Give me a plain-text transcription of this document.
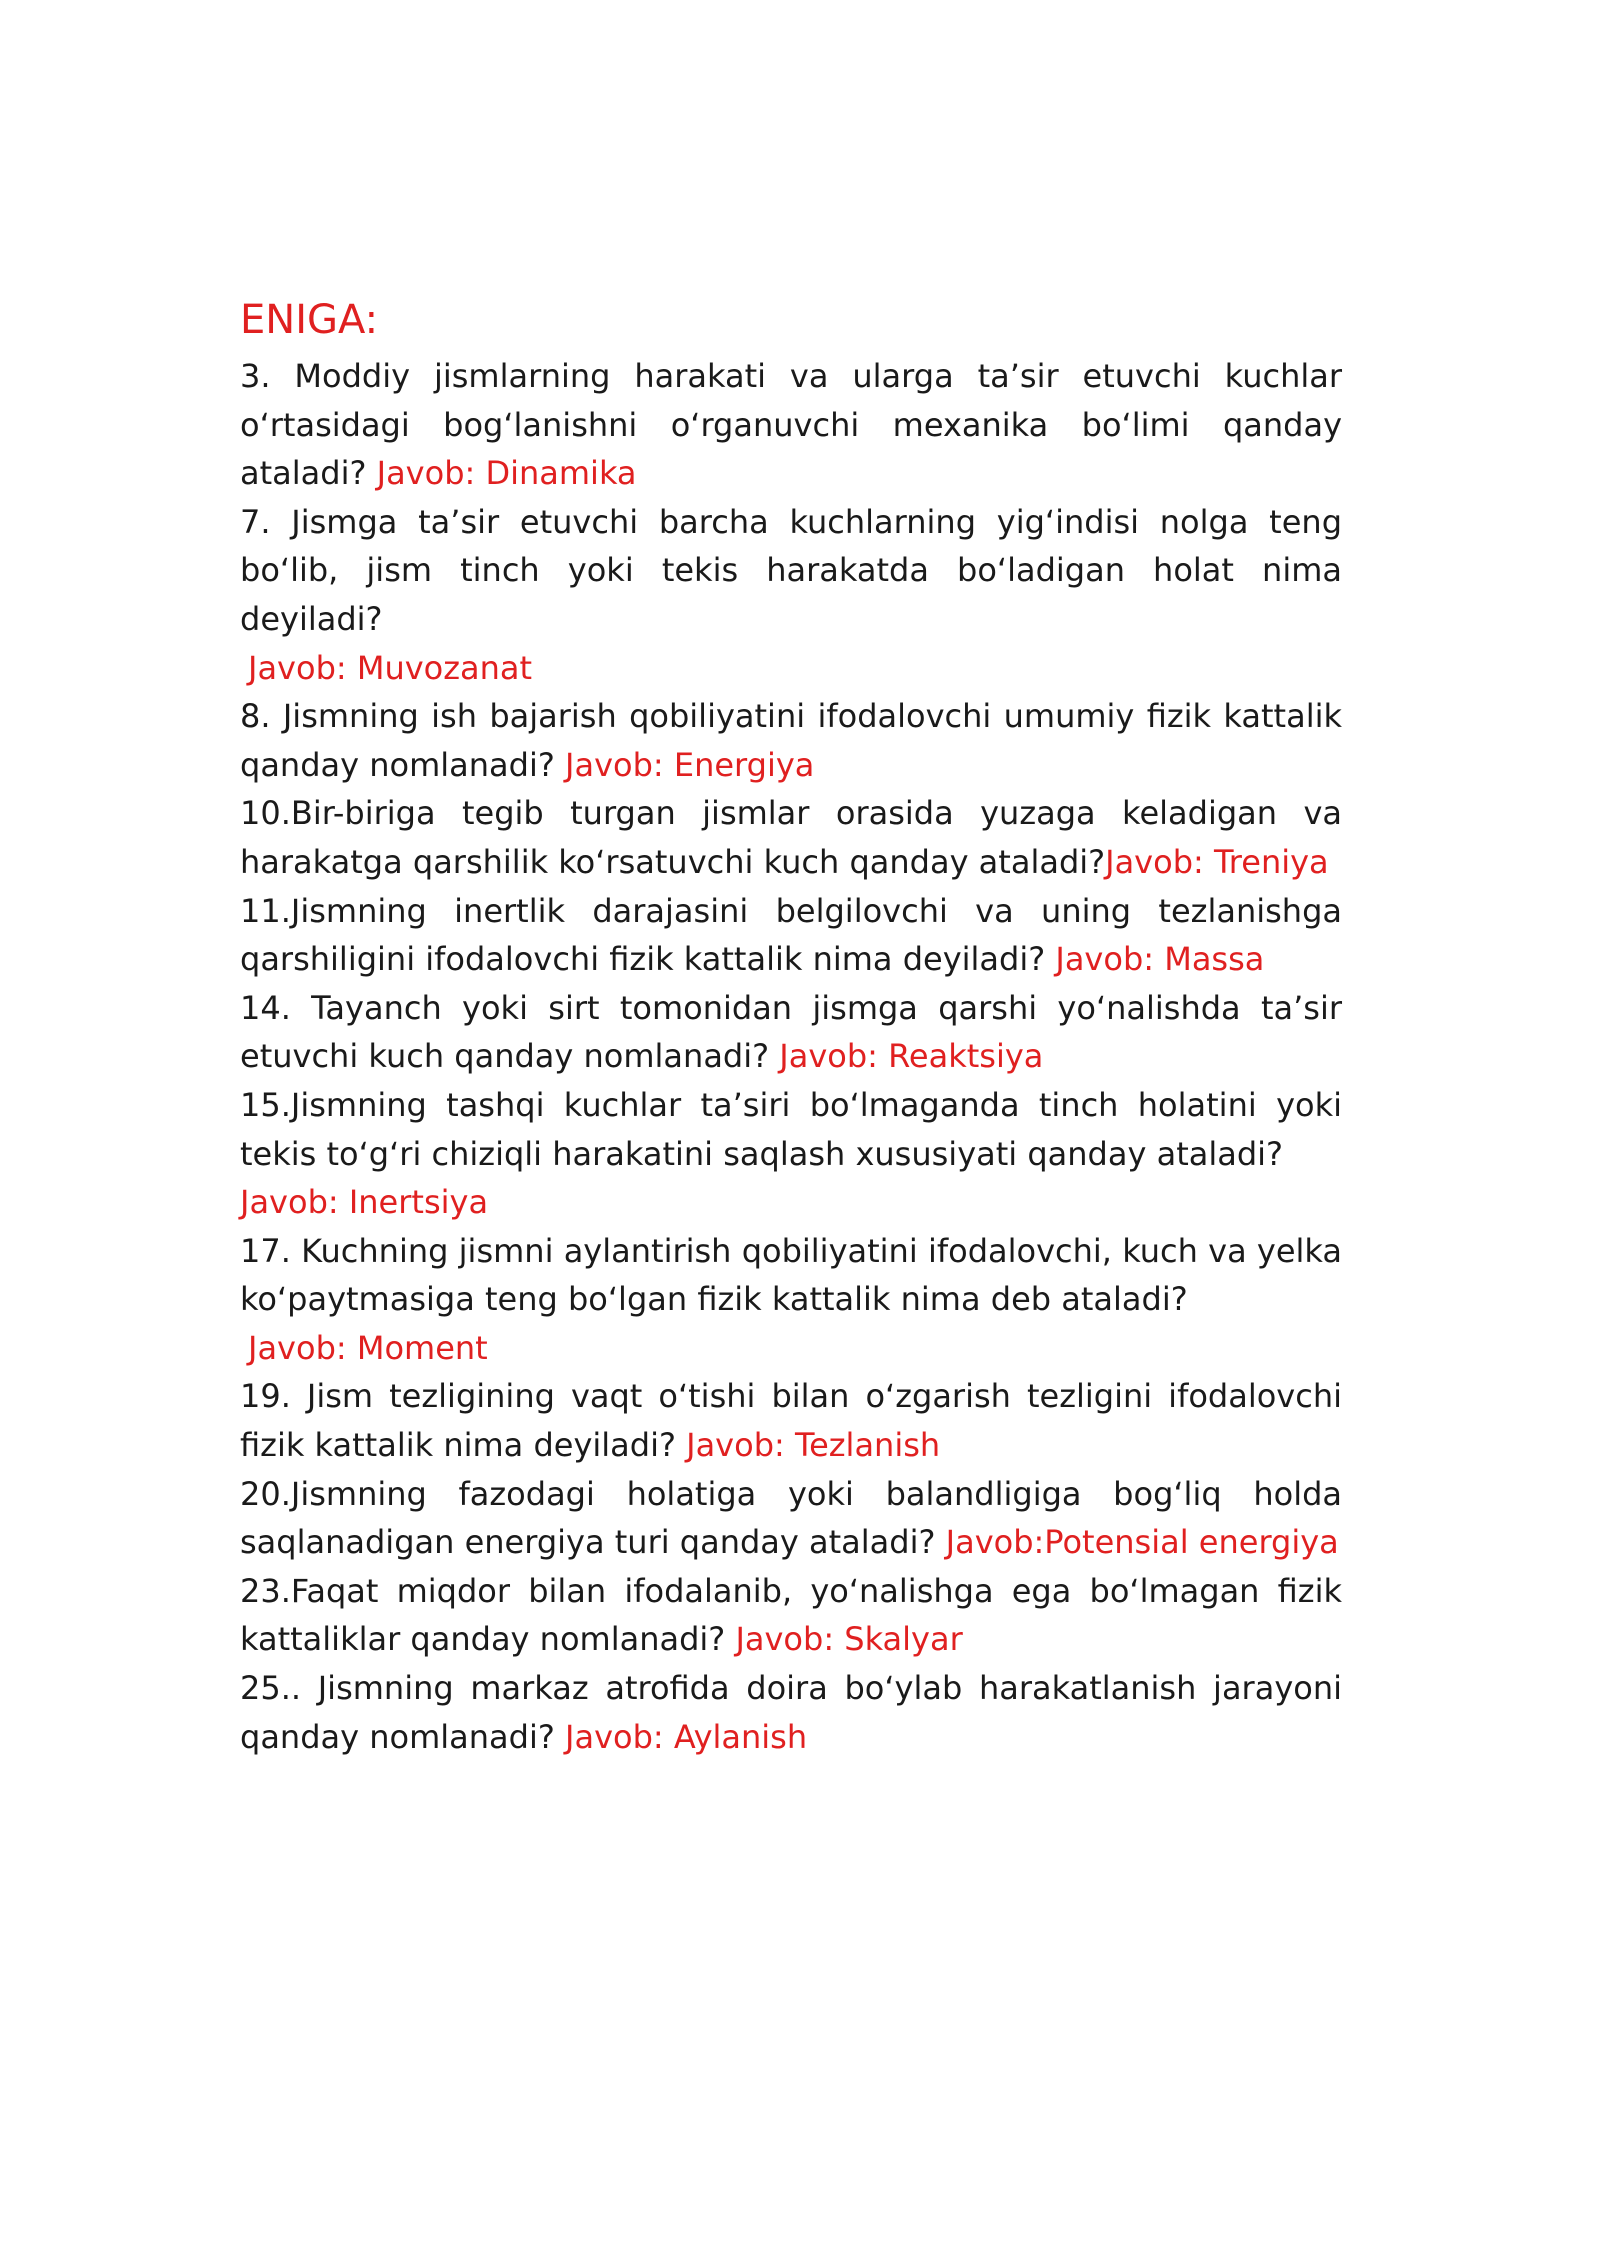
ENIGA:

3. Moddiy jismlarning harakati va ularga ta’sir etuvchi kuchlar o‘rtasidagi bog‘lanishni o‘rganuvchi mexanika bo‘limi qanday ataladi? Javob: Dinamika

7. Jismga ta’sir etuvchi barcha kuchlarning yig‘indisi nolga teng bo‘lib, jism tinch yoki tekis harakatda bo‘ladigan holat nima deyiladi?
Javob: Muvozanat

8. Jismning ish bajarish qobiliyatini ifodalovchi umumiy fizik kattalik qanday nomlanadi? Javob: Energiya

10.Bir-biriga tegib turgan jismlar orasida yuzaga keladigan va harakatga qarshilik ko‘rsatuvchi kuch qanday ataladi?Javob: Treniya

11.Jismning inertlik darajasini belgilovchi va uning tezlanishga qarshiligini ifodalovchi fizik kattalik nima deyiladi? Javob: Massa

14. Tayanch yoki sirt tomonidan jismga qarshi yo‘nalishda ta’sir etuvchi kuch qanday nomlanadi? Javob: Reaktsiya

15.Jismning tashqi kuchlar ta’siri bo‘lmaganda tinch holatini yoki tekis to‘g‘ri chiziqli harakatini saqlash xususiyati qanday ataladi?
Javob: Inertsiya

17. Kuchning jismni aylantirish qobiliyatini ifodalovchi, kuch va yelka ko‘paytmasiga teng bo‘lgan fizik kattalik nima deb ataladi?
Javob: Moment

19. Jism tezligining vaqt o‘tishi bilan o‘zgarish tezligini ifodalovchi fizik kattalik nima deyiladi? Javob: Tezlanish

20.Jismning fazodagi holatiga yoki balandligiga bog‘liq holda saqlanadigan energiya turi qanday ataladi? Javob:Potensial energiya

23.Faqat miqdor bilan ifodalanib, yo‘nalishga ega bo‘lmagan fizik kattaliklar qanday nomlanadi? Javob: Skalyar

25.. Jismning markaz atrofida doira bo‘ylab harakatlanish jarayoni qanday nomlanadi? Javob: Aylanish
